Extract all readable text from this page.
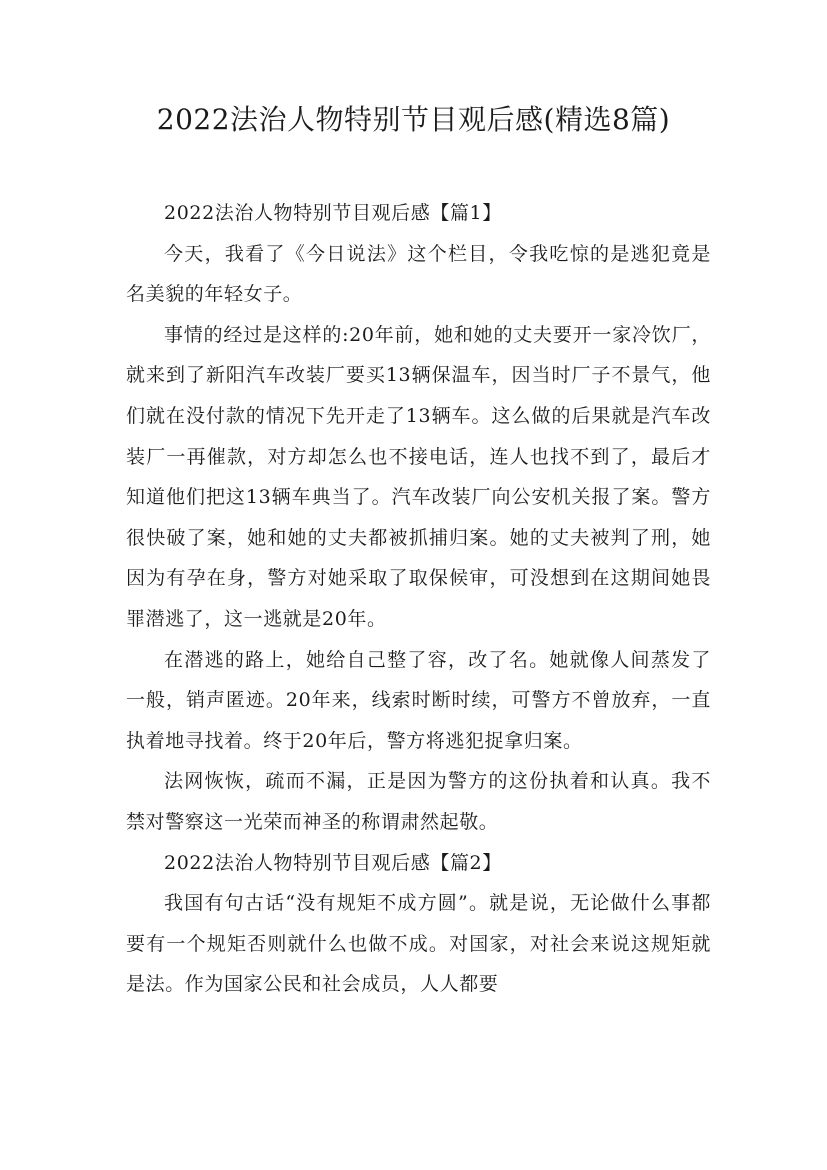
2022法治人物特别节目观后感(精选8篇)

2022法治人物特别节目观后感【篇1】

今天，我看了《今日说法》这个栏目，令我吃惊的是逃犯竟是名美貌的年轻女子。

事情的经过是这样的:20年前，她和她的丈夫要开一家冷饮厂，就来到了新阳汽车改装厂要买13辆保温车，因当时厂子不景气，他们就在没付款的情况下先开走了13辆车。这么做的后果就是汽车改装厂一再催款，对方却怎么也不接电话，连人也找不到了，最后才知道他们把这13辆车典当了。汽车改装厂向公安机关报了案。警方很快破了案，她和她的丈夫都被抓捕归案。她的丈夫被判了刑，她因为有孕在身，警方对她采取了取保候审，可没想到在这期间她畏罪潜逃了，这一逃就是20年。

在潜逃的路上，她给自己整了容，改了名。她就像人间蒸发了一般，销声匿迹。20年来，线索时断时续，可警方不曾放弃，一直执着地寻找着。终于20年后，警方将逃犯捉拿归案。

法网恢恢，疏而不漏，正是因为警方的这份执着和认真。我不禁对警察这一光荣而神圣的称谓肃然起敬。

2022法治人物特别节目观后感【篇2】

我国有句古话“没有规矩不成方圆”。就是说，无论做什么事都要有一个规矩否则就什么也做不成。对国家，对社会来说这规矩就是法。作为国家公民和社会成员，人人都要
